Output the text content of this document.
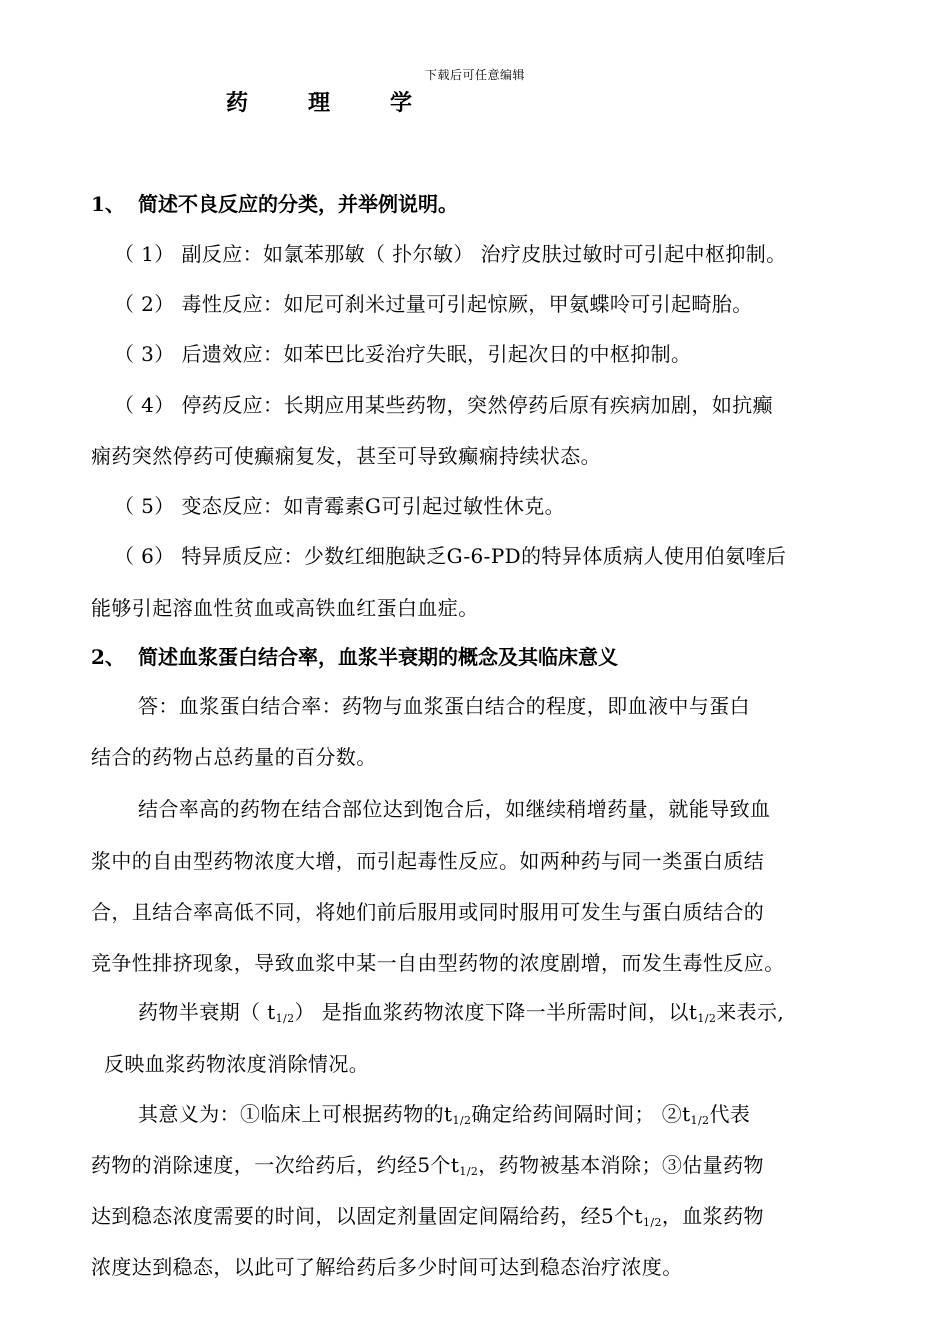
下载后可任意编辑
药	理	学
1、 简述不良反应的分类，并举例说明。
（ 1） 副反应：如氯苯那敏（ 扑尔敏） 治疗皮肤过敏时可引起中枢抑制。
（ 2） 毒性反应：如尼可刹米过量可引起惊厥，甲氨蝶呤可引起畸胎。
（ 3） 后遗效应：如苯巴比妥治疗失眠，引起次日的中枢抑制。
（ 4） 停药反应：长期应用某些药物，突然停药后原有疾病加剧，如抗癫
痫药突然停药可使癫痫复发，甚至可导致癫痫持续状态。
（ 5） 变态反应：如青霉素G可引起过敏性休克。
（ 6） 特异质反应：少数红细胞缺乏G-6-PD的特异体质病人使用伯氨喹后
能够引起溶血性贫血或高铁血红蛋白血症。
2、 简述血浆蛋白结合率，血浆半衰期的概念及其临床意义
答：血浆蛋白结合率：药物与血浆蛋白结合的程度，即血液中与蛋白
结合的药物占总药量的百分数。
结合率高的药物在结合部位达到饱合后，如继续稍增药量，就能导致血
浆中的自由型药物浓度大增，而引起毒性反应。如两种药与同一类蛋白质结
合，且结合率高低不同，将她们前后服用或同时服用可发生与蛋白质结合的
竞争性排挤现象，导致血浆中某一自由型药物的浓度剧增，而发生毒性反应。
药物半衰期（ $t_{1/2}$） 是指血浆药物浓度下降一半所需时间，以$t_{1/2}$来表示,
反映血浆药物浓度消除情况。
其意义为：①临床上可根据药物的$t_{1/2}$确定给药间隔时间； $②t_{1/2}$代表
药物的消除速度，一次给药后，约经5个$t_{1/2}$，药物被基本消除；③估量药物
达到稳态浓度需要的时间，以固定剂量固定间隔给药，经5个$t_{1/2}$，血浆药物
浓度达到稳态，以此可了解给药后多少时间可达到稳态治疗浓度。
